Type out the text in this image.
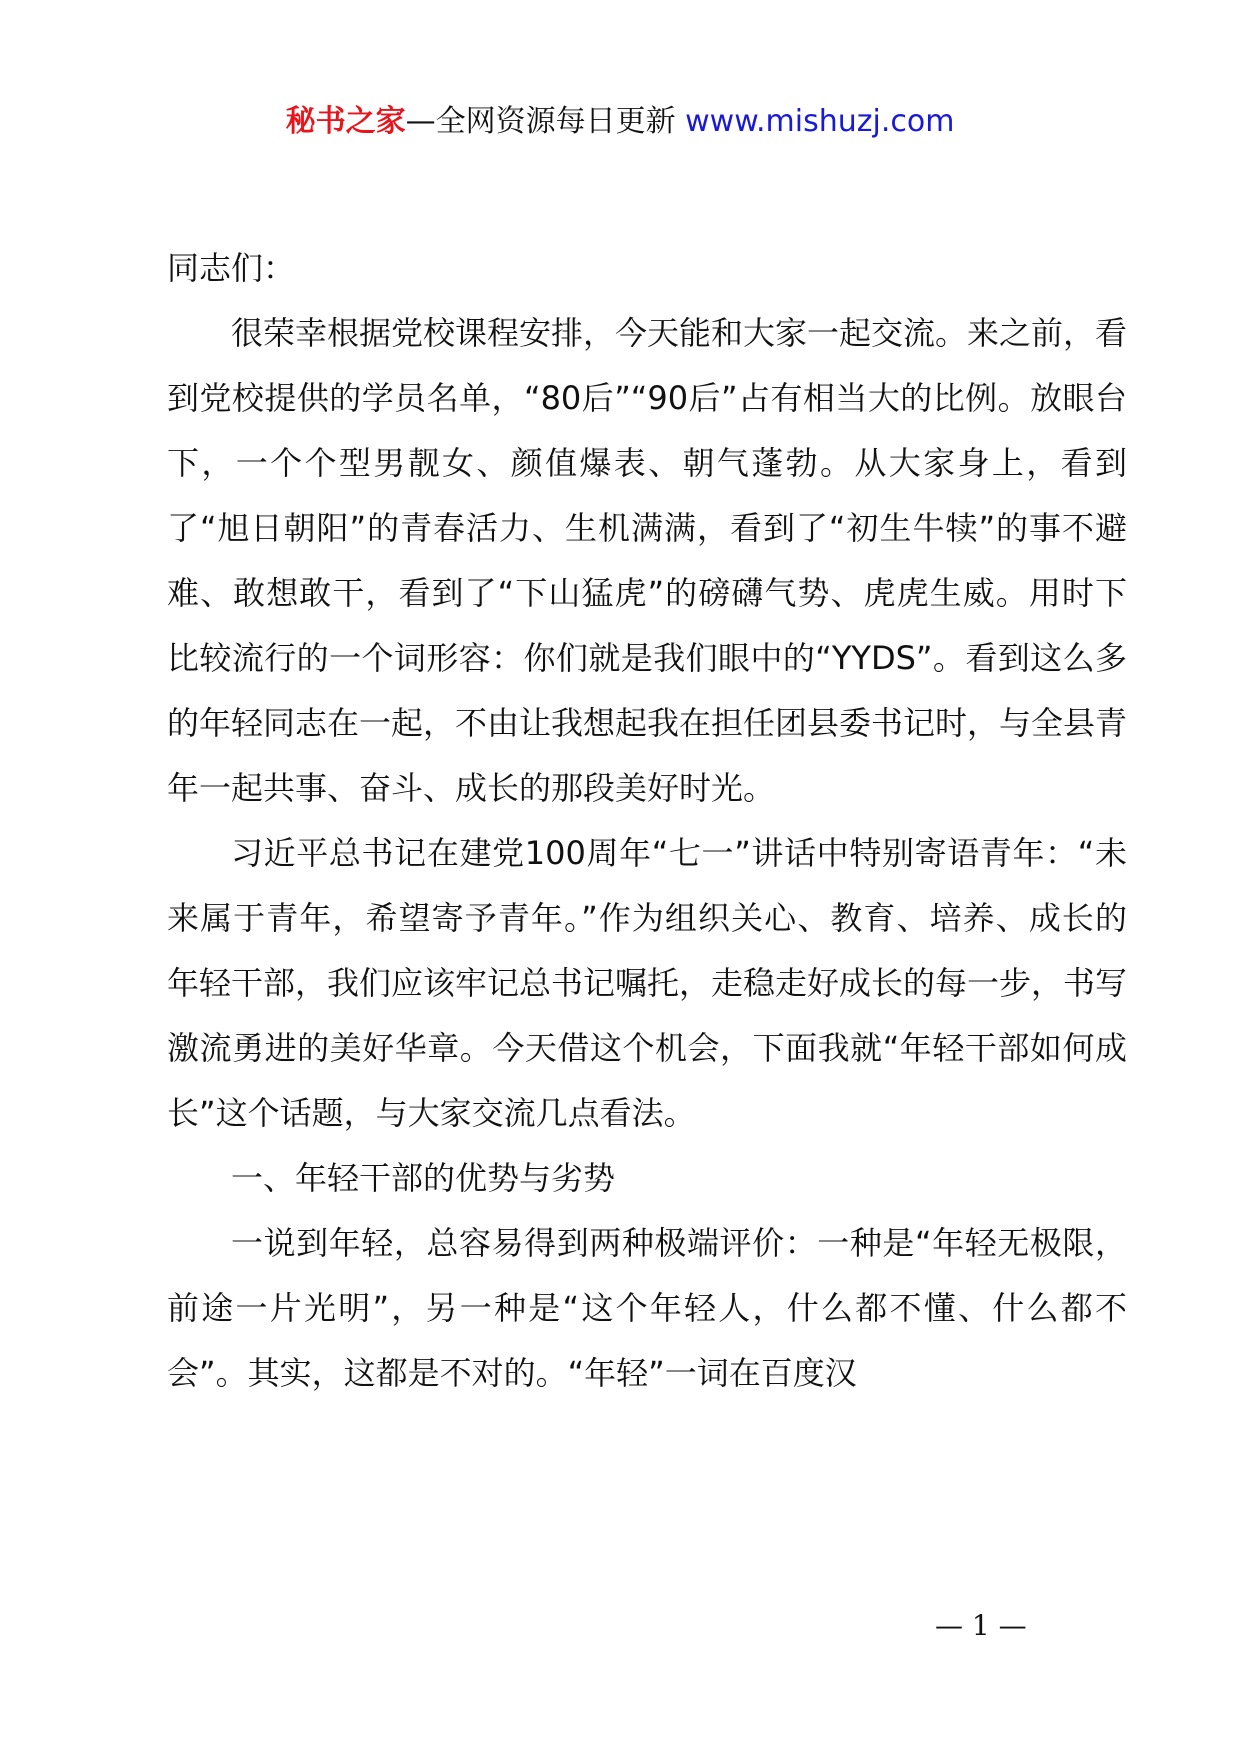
秘书之家—全网资源每日更新 www.mishuzj.com

同志们：

很荣幸根据党校课程安排，今天能和大家一起交流。来之前，看到党校提供的学员名单，“80后”“90后”占有相当大的比例。放眼台下，一个个型男靓女、颜值爆表、朝气蓬勃。从大家身上，看到了“旭日朝阳”的青春活力、生机满满，看到了“初生牛犊”的事不避难、敢想敢干，看到了“下山猛虎”的磅礴气势、虎虎生威。用时下比较流行的一个词形容：你们就是我们眼中的“YYDS”。看到这么多的年轻同志在一起，不由让我想起我在担任团县委书记时，与全县青年一起共事、奋斗、成长的那段美好时光。

习近平总书记在建党100周年“七一”讲话中特别寄语青年：“未来属于青年，希望寄予青年。”作为组织关心、教育、培养、成长的年轻干部，我们应该牢记总书记嘱托，走稳走好成长的每一步，书写激流勇进的美好华章。今天借这个机会，下面我就“年轻干部如何成长”这个话题，与大家交流几点看法。

一、年轻干部的优势与劣势

一说到年轻，总容易得到两种极端评价：一种是“年轻无极限，前途一片光明”，另一种是“这个年轻人，什么都不懂、什么都不会”。其实，这都是不对的。“年轻”一词在百度汉

— 1 —
